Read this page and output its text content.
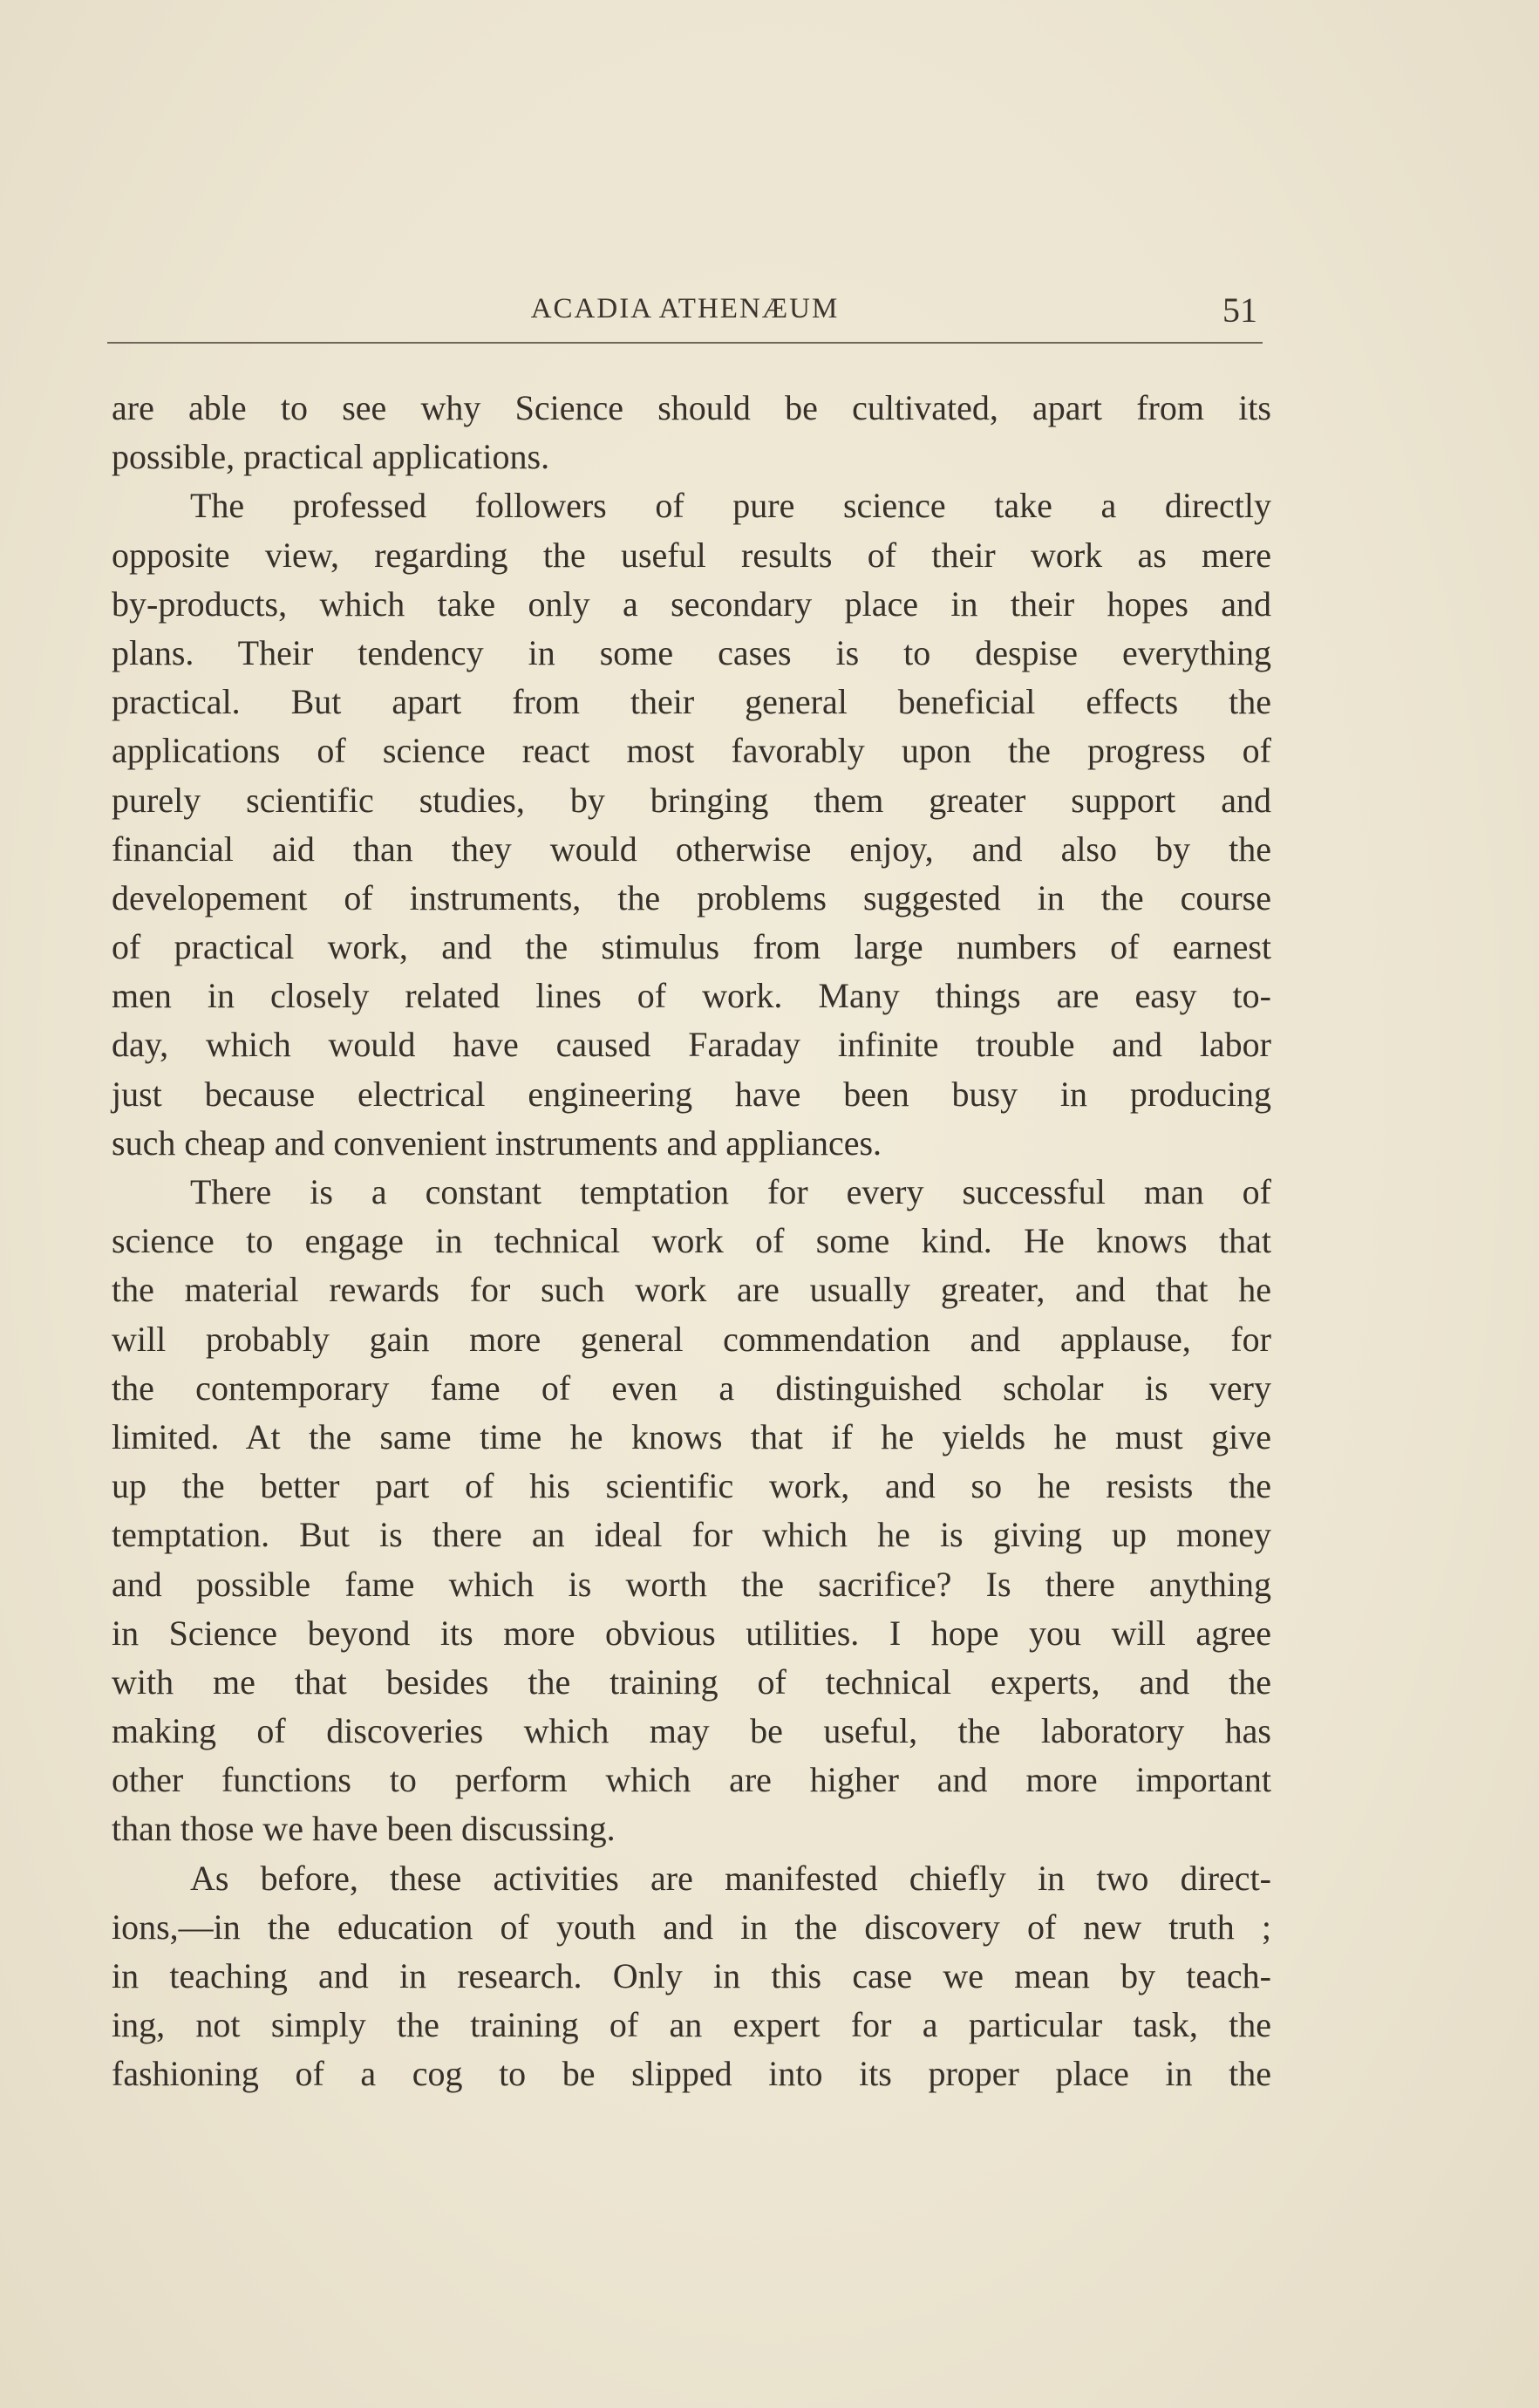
ACADIA ATHENÆUM	51
are able to see why Science should be cultivated, apart from its
possible, practical applications.
The professed followers of pure science take a directly
opposite view, regarding the useful results of their work as mere
by-products, which take only a secondary place in their hopes and
plans. Their tendency in some cases is to despise everything
practical. But apart from their general beneficial effects the
applications of science react most favorably upon the progress of
purely scientific studies, by bringing them greater support and
financial aid than they would otherwise enjoy, and also by the
developement of instruments, the problems suggested in the course
of practical work, and the stimulus from large numbers of earnest
men in closely related lines of work. Many things are easy to-
day, which would have caused Faraday infinite trouble and labor
just because electrical engineering have been busy in producing
such cheap and convenient instruments and appliances.
There is a constant temptation for every successful man of
science to engage in technical work of some kind. He knows that
the material rewards for such work are usually greater, and that he
will probably gain more general commendation and applause, for
the contemporary fame of even a distinguished scholar is very
limited. At the same time he knows that if he yields he must give
up the better part of his scientific work, and so he resists the
temptation. But is there an ideal for which he is giving up money
and possible fame which is worth the sacrifice? Is there anything
in Science beyond its more obvious utilities. I hope you will agree
with me that besides the training of technical experts, and the
making of discoveries which may be useful, the laboratory has
other functions to perform which are higher and more important
than those we have been discussing.
As before, these activities are manifested chiefly in two direct-
ions,—in the education of youth and in the discovery of new truth ;
in teaching and in research. Only in this case we mean by teach-
ing, not simply the training of an expert for a particular task, the
fashioning of a cog to be slipped into its proper place in the
